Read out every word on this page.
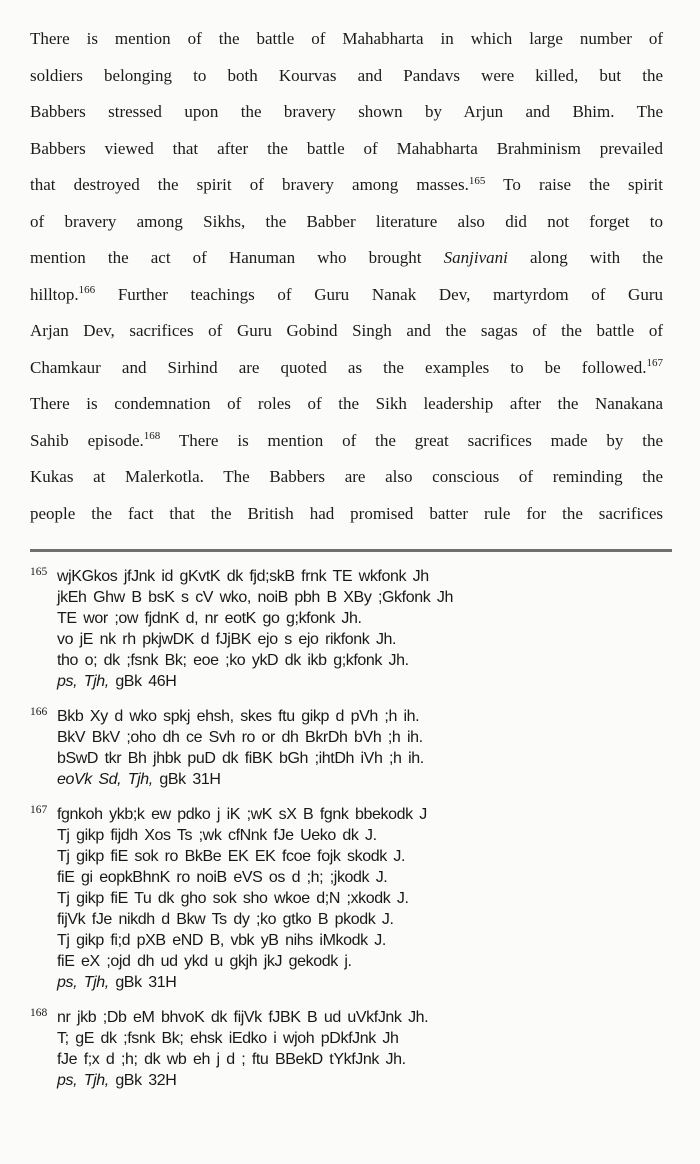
There is mention of the battle of Mahabharta in which large number of
soldiers belonging to both Kourvas and Pandavs were killed, but the
Babbers stressed upon the bravery shown by Arjun and Bhim. The
Babbers viewed that after the battle of Mahabharta Brahminism prevailed
that destroyed the spirit of bravery among masses.$^{165}$ To raise the spirit
of bravery among Sikhs, the Babber literature also did not forget to
mention the act of Hanuman who brought Sanjivani along with the
hilltop.$^{166}$ Further teachings of Guru Nanak Dev, martyrdom of Guru
Arjan Dev, sacrifices of Guru Gobind Singh and the sagas of the battle of
Chamkaur and Sirhind are quoted as the examples to be followed.$^{167}$
There is condemnation of roles of the Sikh leadership after the Nanakana
Sahib episode.$^{168}$ There is mention of the great sacrifices made by the
Kukas at Malerkotla. The Babbers are also conscious of reminding the
people the fact that the British had promised batter rule for the sacrifices
165 wjKGkos jfJnk id gKvtK dk fjd;skB frnk TE wkfonk Jh
jkEh Ghw B bsK s cV wko, noiB pbh B XBy ;Gkfonk Jh
TE wor ;ow fjdnK d, nr eotK go g;kfonk Jh.
vo jE nk rh pkjwDK d fJjBK ejo s ejo rikfonk Jh.
tho o; dk ;fsnk Bk; eoe ;ko ykD dk ikb g;kfonk Jh.
ps, Tjh, gBk 46H
166 Bkb Xy d wko spkj ehsh, skes ftu gikp d pVh ;h ih.
BkV BkV ;oho dh ce Svh ro or dh BkrDh bVh ;h ih.
bSwD tkr Bh jhbk puD dk fiBK bGh ;ihtDh iVh ;h ih.
eoVk Sd, Tjh, gBk 31H
167 fgnkoh ykb;k ew pdko j iK ;wK sX B fgnk bbekodk J
Tj gikp fijdh Xos Ts ;wk cfNnk fJe Ueko dk J.
Tj gikp fiE sok ro BkBe EK EK fcoe fojk skodk J.
fiE gi eopkBhnK ro noiB eVS os d ;h; ;jkodk J.
Tj gikp fiE Tu dk gho sok sho wkoe d;N ;xkodk J.
fijVk fJe nikdh d Bkw Ts dy ;ko gtko B pkodk J.
Tj gikp fi;d pXB eND B, vbk yB nihs iMkodk J.
fiE eX ;ojd dh ud ykd u gkjh jkJ gekodk j.
ps, Tjh, gBk 31H
168 nr jkb ;Db eM bhvoK dk fijVk fJBK B ud uVkfJnk Jh.
T; gE dk ;fsnk Bk; ehsk iEdko i wjoh pDkfJnk Jh
fJe f;x d ;h; dk wb eh j d ; ftu BBekD tYkfJnk Jh.
ps, Tjh, gBk 32H
